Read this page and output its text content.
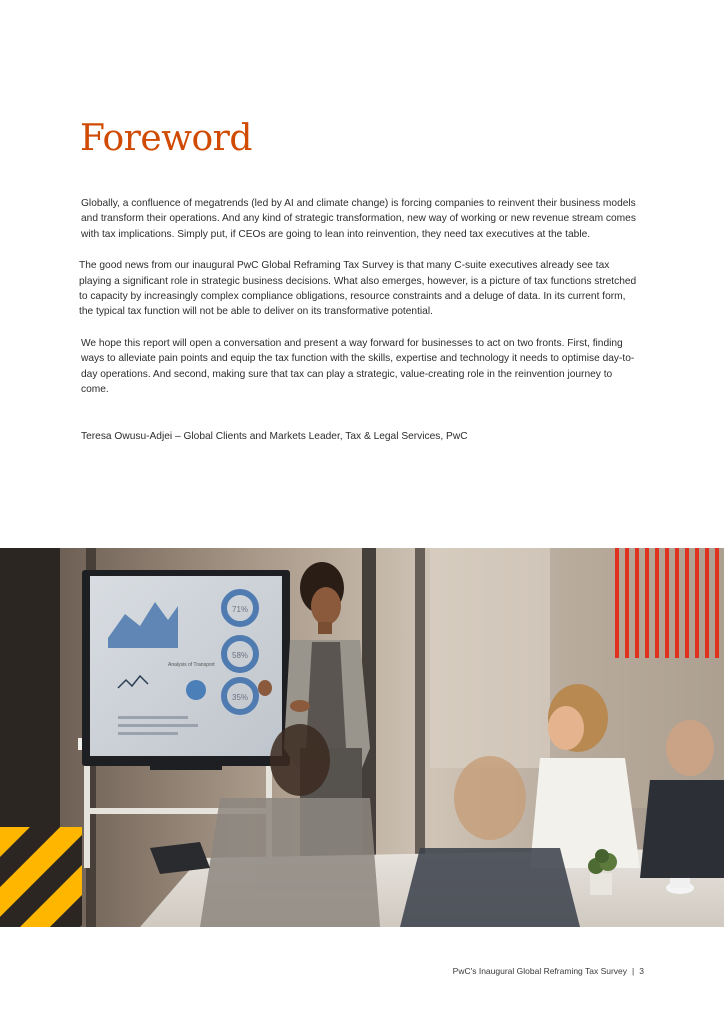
Foreword

Globally, a confluence of megatrends (led by AI and climate change) is forcing companies to reinvent their business models and transform their operations. And any kind of strategic transformation, new way of working or new revenue stream comes with tax implications. Simply put, if CEOs are going to lean into reinvention, they need tax executives at the table.

The good news from our inaugural PwC Global Reframing Tax Survey is that many C-suite executives already see tax playing a significant role in strategic business decisions. What also emerges, however, is a picture of tax functions stretched to capacity by increasingly complex compliance obligations, resource constraints and a deluge of data. In its current form, the typical tax function will not be able to deliver on its transformative potential.

We hope this report will open a conversation and present a way forward for businesses to act on two fronts. First, finding ways to alleviate pain points and equip the tax function with the skills, expertise and technology it needs to optimise day-to-day operations. And second, making sure that tax can play a strategic, value-creating role in the reinvention journey to come.

Teresa Owusu-Adjei – Global Clients and Markets Leader, Tax & Legal Services, PwC

71%
58%
35%
Analysis of Transport
PwC's Inaugural Global Reframing Tax Survey | 3
